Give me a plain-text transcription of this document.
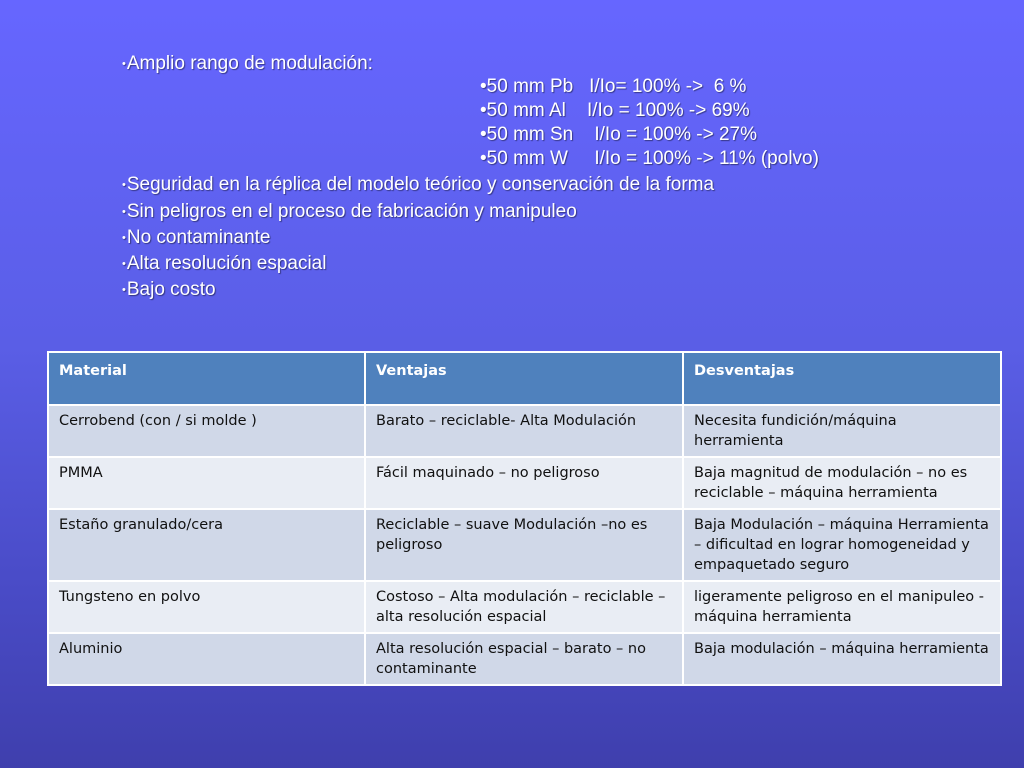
•Amplio rango de modulación:
•50 mm Pb   I/Io= 100% ->  6 %
•50 mm Al    I/Io = 100% -> 69%
•50 mm Sn    I/Io = 100% -> 27%
•50 mm W     I/Io = 100% -> 11% (polvo)
•Seguridad en la réplica del modelo teórico y conservación de la forma
•Sin peligros en el proceso de fabricación y manipuleo
•No contaminante
•Alta resolución espacial
•Bajo costo
Material	Ventajas	Desventajas
Cerrobend (con / si molde )	Barato – reciclable- Alta Modulación	Necesita fundición/máquina herramienta
PMMA	Fácil maquinado – no peligroso	Baja magnitud de modulación – no es reciclable – máquina herramienta
Estaño granulado/cera	Reciclable – suave Modulación –no es peligroso	Baja Modulación – máquina Herramienta – dificultad en lograr homogeneidad y empaquetado seguro
Tungsteno en polvo	Costoso – Alta modulación – reciclable – alta resolución espacial	ligeramente peligroso en el manipuleo - máquina herramienta
Aluminio	Alta resolución espacial – barato – no contaminante	Baja modulación – máquina herramienta
